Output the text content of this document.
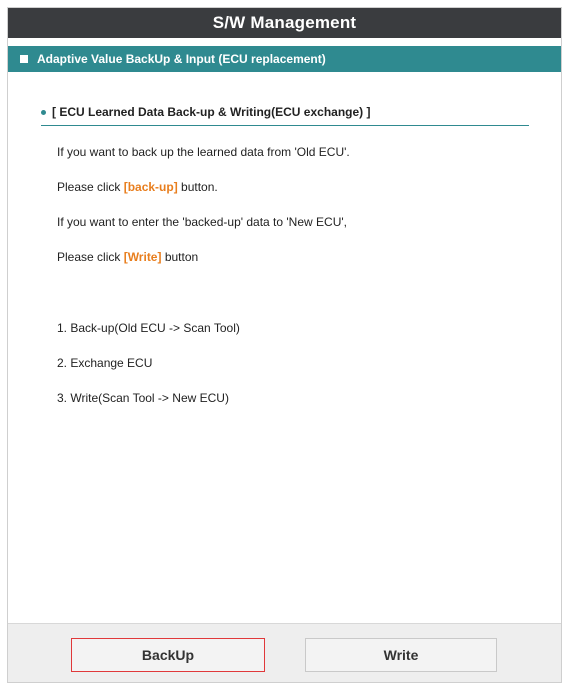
S/W Management
Adaptive Value BackUp & Input (ECU replacement)
[ ECU Learned Data Back-up & Writing(ECU exchange) ]
If you want to back up the learned data from 'Old ECU'.
Please click [back-up] button.
If you want to enter the 'backed-up' data to 'New ECU',
Please click [Write] button
1. Back-up(Old ECU -> Scan Tool)
2. Exchange ECU
3. Write(Scan Tool -> New ECU)
BackUp	Write
